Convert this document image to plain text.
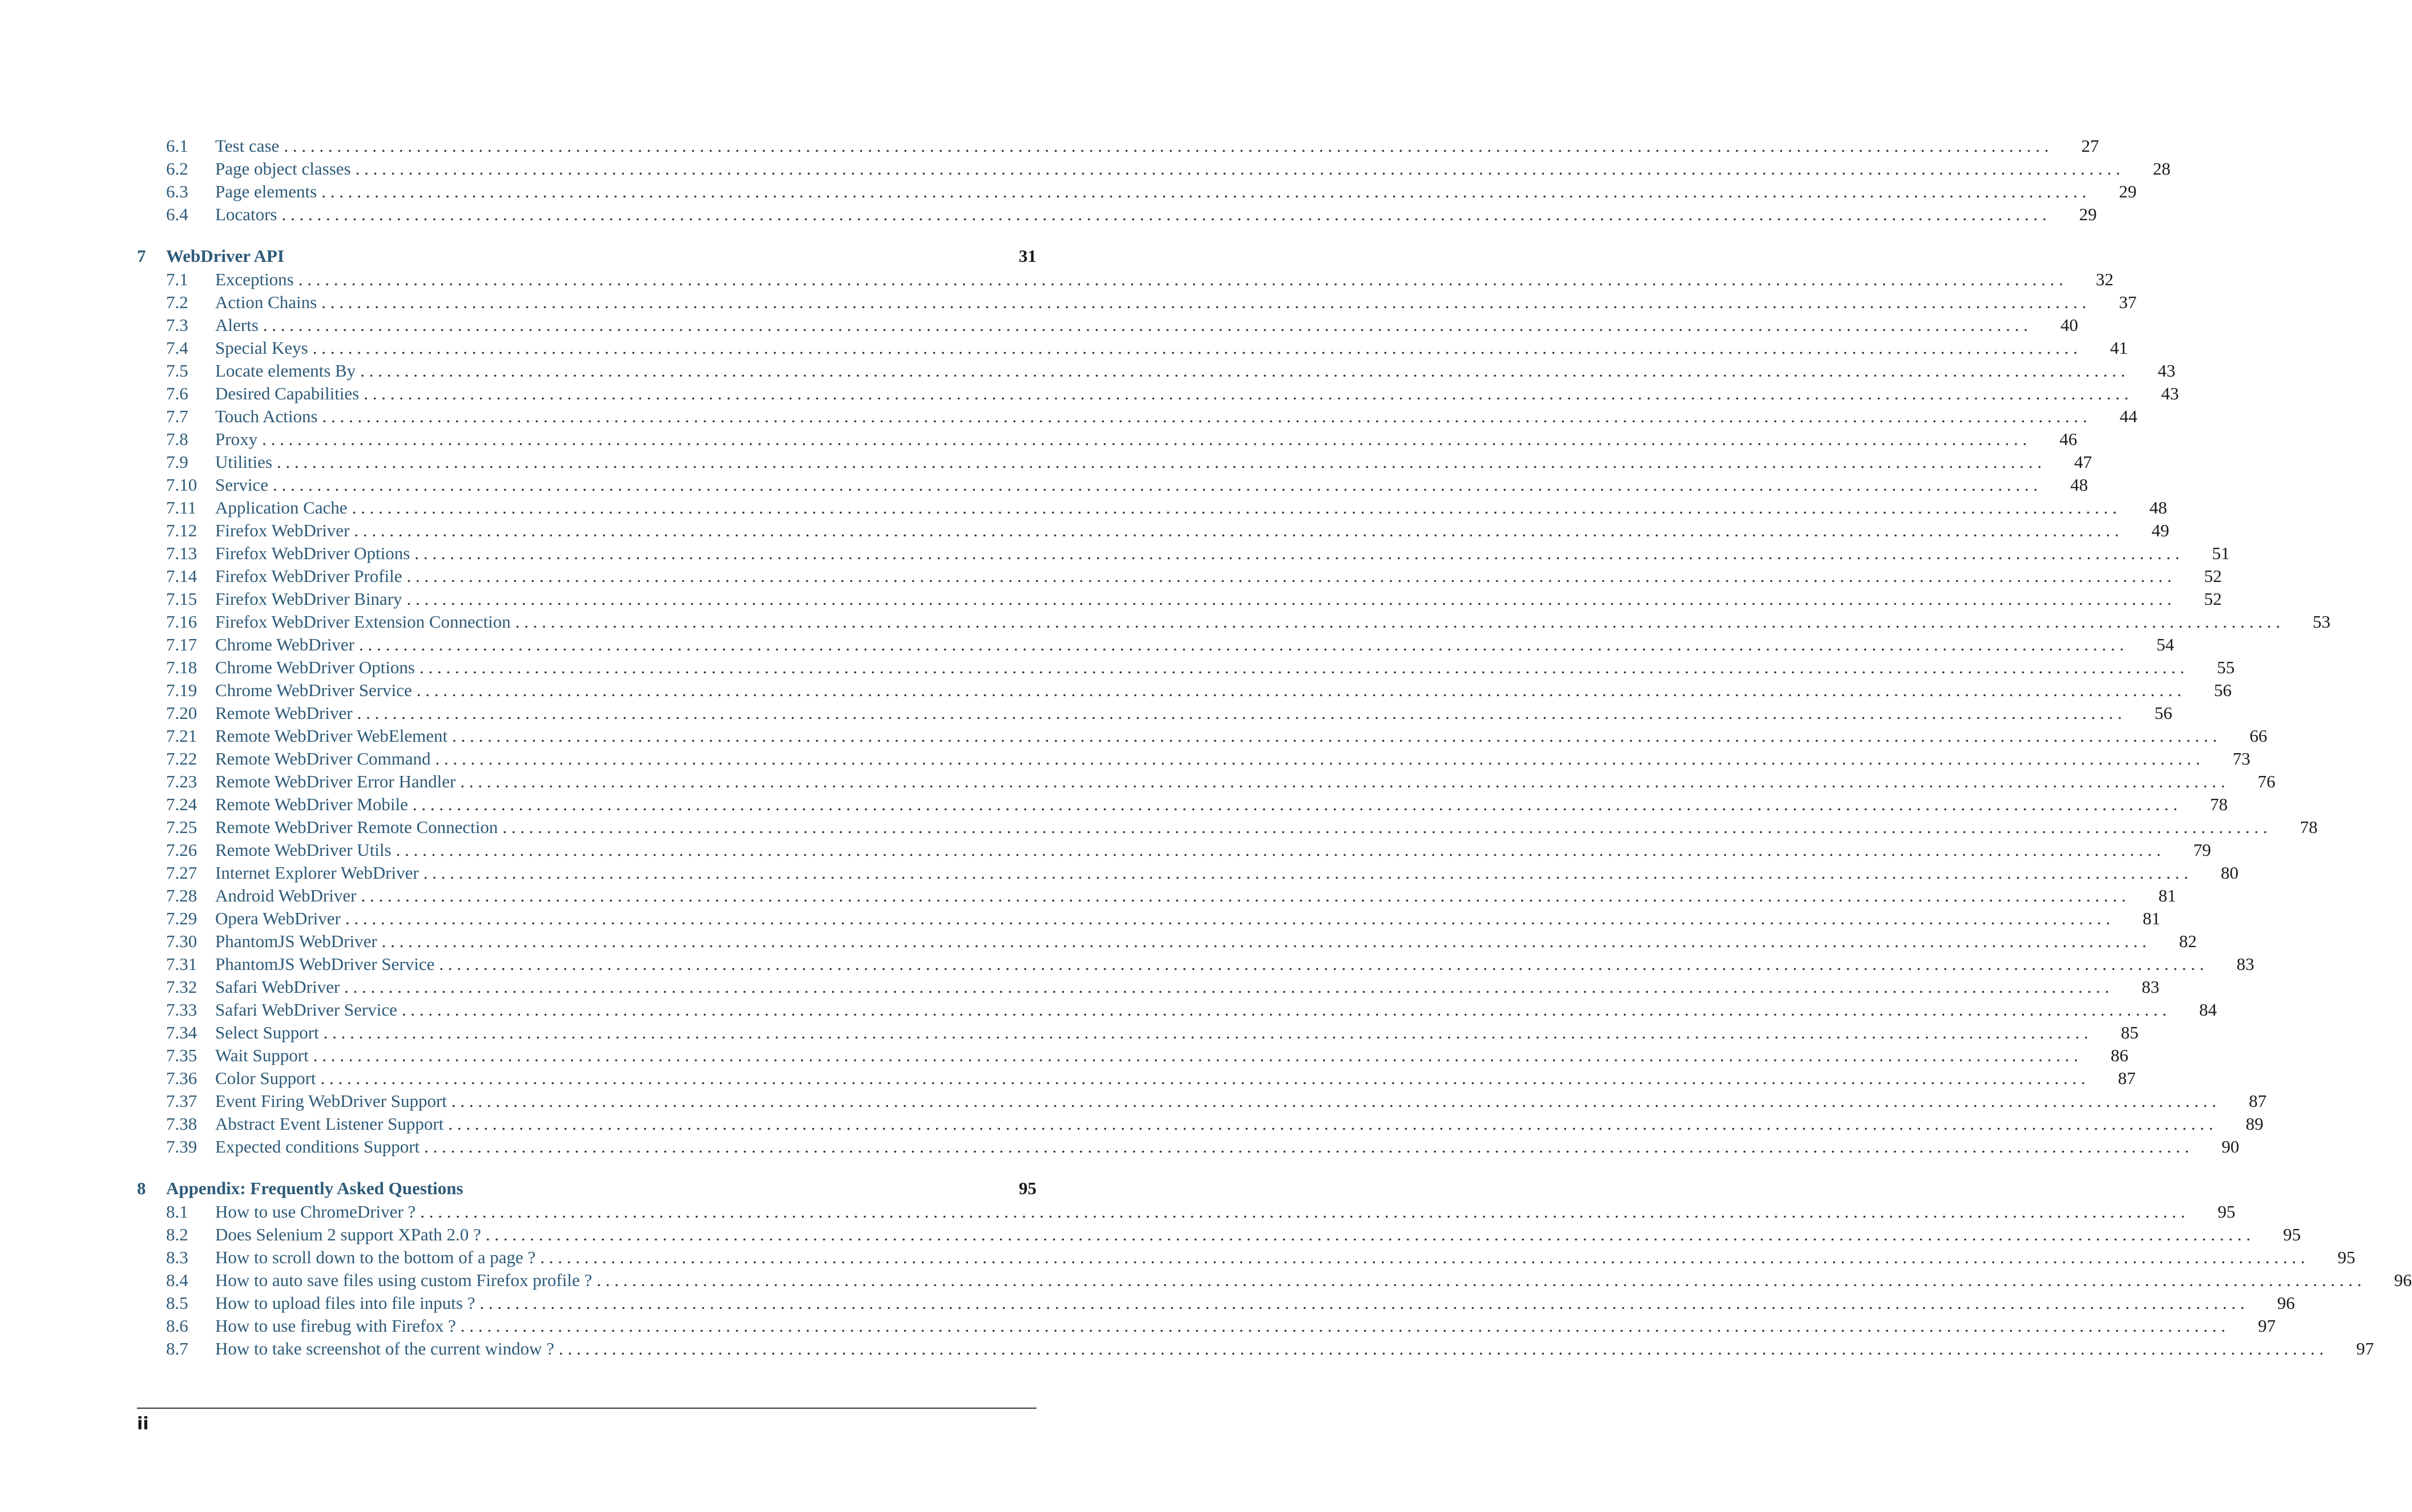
6.1	Test case . . . . . . . . . . . . . . . . . . . . . . . . . . . . . . . . . . . . . . . . . . . . . . . . . . . . . . . . . . . . . . . . . . . . . . . . . . . . . . . . . . . . . . . . . . . . . . . . . . . . . . . . . . . . . . . . . . . . . . . . . . . . . . . . . . . . . . . . . . . . . . . . . . . . . . . . . . . . . . . . . . . . . . . . . . . . . . . . . . . . . . . . . . . . . . . . . . . . . . . .	27
6.2	Page object classes . . . . . . . . . . . . . . . . . . . . . . . . . . . . . . . . . . . . . . . . . . . . . . . . . . . . . . . . . . . . . . . . . . . . . . . . . . . . . . . . . . . . . . . . . . . . . . . . . . . . . . . . . . . . . . . . . . . . . . . . . . . . . . . . . . . . . . . . . . . . . . . . . . . . . . . . . . . . . . . . . . . . . . . . . . . . . . . . . . . . . . . . . . . . . . . . . . . . . . . .	28
6.3	Page elements . . . . . . . . . . . . . . . . . . . . . . . . . . . . . . . . . . . . . . . . . . . . . . . . . . . . . . . . . . . . . . . . . . . . . . . . . . . . . . . . . . . . . . . . . . . . . . . . . . . . . . . . . . . . . . . . . . . . . . . . . . . . . . . . . . . . . . . . . . . . . . . . . . . . . . . . . . . . . . . . . . . . . . . . . . . . . . . . . . . . . . . . . . . . . . . . . . . . . . . .	29
6.4	Locators . . . . . . . . . . . . . . . . . . . . . . . . . . . . . . . . . . . . . . . . . . . . . . . . . . . . . . . . . . . . . . . . . . . . . . . . . . . . . . . . . . . . . . . . . . . . . . . . . . . . . . . . . . . . . . . . . . . . . . . . . . . . . . . . . . . . . . . . . . . . . . . . . . . . . . . . . . . . . . . . . . . . . . . . . . . . . . . . . . . . . . . . . . . . . . . . . . . . . . . .	29
7	WebDriver API	31
7.1	Exceptions . . . . . . . . . . . . . . . . . . . . . . . . . . . . . . . . . . . . . . . . . . . . . . . . . . . . . . . . . . . . . . . . . . . . . . . . . . . . . . . . . . . . . . . . . . . . . . . . . . . . . . . . . . . . . . . . . . . . . . . . . . . . . . . . . . . . . . . . . . . . . . . . . . . . . . . . . . . . . . . . . . . . . . . . . . . . . . . . . . . . . . . . . . . . . . . . . . . . . . . .	32
7.2	Action Chains . . . . . . . . . . . . . . . . . . . . . . . . . . . . . . . . . . . . . . . . . . . . . . . . . . . . . . . . . . . . . . . . . . . . . . . . . . . . . . . . . . . . . . . . . . . . . . . . . . . . . . . . . . . . . . . . . . . . . . . . . . . . . . . . . . . . . . . . . . . . . . . . . . . . . . . . . . . . . . . . . . . . . . . . . . . . . . . . . . . . . . . . . . . . . . . . . . . . . . . .	37
7.3	Alerts . . . . . . . . . . . . . . . . . . . . . . . . . . . . . . . . . . . . . . . . . . . . . . . . . . . . . . . . . . . . . . . . . . . . . . . . . . . . . . . . . . . . . . . . . . . . . . . . . . . . . . . . . . . . . . . . . . . . . . . . . . . . . . . . . . . . . . . . . . . . . . . . . . . . . . . . . . . . . . . . . . . . . . . . . . . . . . . . . . . . . . . . . . . . . . . . . . . . . . . .	40
7.4	Special Keys . . . . . . . . . . . . . . . . . . . . . . . . . . . . . . . . . . . . . . . . . . . . . . . . . . . . . . . . . . . . . . . . . . . . . . . . . . . . . . . . . . . . . . . . . . . . . . . . . . . . . . . . . . . . . . . . . . . . . . . . . . . . . . . . . . . . . . . . . . . . . . . . . . . . . . . . . . . . . . . . . . . . . . . . . . . . . . . . . . . . . . . . . . . . . . . . . . . . . . . .	41
7.5	Locate elements By . . . . . . . . . . . . . . . . . . . . . . . . . . . . . . . . . . . . . . . . . . . . . . . . . . . . . . . . . . . . . . . . . . . . . . . . . . . . . . . . . . . . . . . . . . . . . . . . . . . . . . . . . . . . . . . . . . . . . . . . . . . . . . . . . . . . . . . . . . . . . . . . . . . . . . . . . . . . . . . . . . . . . . . . . . . . . . . . . . . . . . . . . . . . . . . . . . . . . . . .	43
7.6	Desired Capabilities . . . . . . . . . . . . . . . . . . . . . . . . . . . . . . . . . . . . . . . . . . . . . . . . . . . . . . . . . . . . . . . . . . . . . . . . . . . . . . . . . . . . . . . . . . . . . . . . . . . . . . . . . . . . . . . . . . . . . . . . . . . . . . . . . . . . . . . . . . . . . . . . . . . . . . . . . . . . . . . . . . . . . . . . . . . . . . . . . . . . . . . . . . . . . . . . . . . . . . . .	43
7.7	Touch Actions . . . . . . . . . . . . . . . . . . . . . . . . . . . . . . . . . . . . . . . . . . . . . . . . . . . . . . . . . . . . . . . . . . . . . . . . . . . . . . . . . . . . . . . . . . . . . . . . . . . . . . . . . . . . . . . . . . . . . . . . . . . . . . . . . . . . . . . . . . . . . . . . . . . . . . . . . . . . . . . . . . . . . . . . . . . . . . . . . . . . . . . . . . . . . . . . . . . . . . . .	44
7.8	Proxy . . . . . . . . . . . . . . . . . . . . . . . . . . . . . . . . . . . . . . . . . . . . . . . . . . . . . . . . . . . . . . . . . . . . . . . . . . . . . . . . . . . . . . . . . . . . . . . . . . . . . . . . . . . . . . . . . . . . . . . . . . . . . . . . . . . . . . . . . . . . . . . . . . . . . . . . . . . . . . . . . . . . . . . . . . . . . . . . . . . . . . . . . . . . . . . . . . . . . . . .	46
7.9	Utilities . . . . . . . . . . . . . . . . . . . . . . . . . . . . . . . . . . . . . . . . . . . . . . . . . . . . . . . . . . . . . . . . . . . . . . . . . . . . . . . . . . . . . . . . . . . . . . . . . . . . . . . . . . . . . . . . . . . . . . . . . . . . . . . . . . . . . . . . . . . . . . . . . . . . . . . . . . . . . . . . . . . . . . . . . . . . . . . . . . . . . . . . . . . . . . . . . . . . . . . .	47
7.10	Service . . . . . . . . . . . . . . . . . . . . . . . . . . . . . . . . . . . . . . . . . . . . . . . . . . . . . . . . . . . . . . . . . . . . . . . . . . . . . . . . . . . . . . . . . . . . . . . . . . . . . . . . . . . . . . . . . . . . . . . . . . . . . . . . . . . . . . . . . . . . . . . . . . . . . . . . . . . . . . . . . . . . . . . . . . . . . . . . . . . . . . . . . . . . . . . . . . . . . . . .	48
7.11	Application Cache . . . . . . . . . . . . . . . . . . . . . . . . . . . . . . . . . . . . . . . . . . . . . . . . . . . . . . . . . . . . . . . . . . . . . . . . . . . . . . . . . . . . . . . . . . . . . . . . . . . . . . . . . . . . . . . . . . . . . . . . . . . . . . . . . . . . . . . . . . . . . . . . . . . . . . . . . . . . . . . . . . . . . . . . . . . . . . . . . . . . . . . . . . . . . . . . . . . . . . . .	48
7.12	Firefox WebDriver . . . . . . . . . . . . . . . . . . . . . . . . . . . . . . . . . . . . . . . . . . . . . . . . . . . . . . . . . . . . . . . . . . . . . . . . . . . . . . . . . . . . . . . . . . . . . . . . . . . . . . . . . . . . . . . . . . . . . . . . . . . . . . . . . . . . . . . . . . . . . . . . . . . . . . . . . . . . . . . . . . . . . . . . . . . . . . . . . . . . . . . . . . . . . . . . . . . . . . . .	49
7.13	Firefox WebDriver Options . . . . . . . . . . . . . . . . . . . . . . . . . . . . . . . . . . . . . . . . . . . . . . . . . . . . . . . . . . . . . . . . . . . . . . . . . . . . . . . . . . . . . . . . . . . . . . . . . . . . . . . . . . . . . . . . . . . . . . . . . . . . . . . . . . . . . . . . . . . . . . . . . . . . . . . . . . . . . . . . . . . . . . . . . . . . . . . . . . . . . . . . . . . . . . . . . . . . . . . .	51
7.14	Firefox WebDriver Profile . . . . . . . . . . . . . . . . . . . . . . . . . . . . . . . . . . . . . . . . . . . . . . . . . . . . . . . . . . . . . . . . . . . . . . . . . . . . . . . . . . . . . . . . . . . . . . . . . . . . . . . . . . . . . . . . . . . . . . . . . . . . . . . . . . . . . . . . . . . . . . . . . . . . . . . . . . . . . . . . . . . . . . . . . . . . . . . . . . . . . . . . . . . . . . . . . . . . . . . .	52
7.15	Firefox WebDriver Binary . . . . . . . . . . . . . . . . . . . . . . . . . . . . . . . . . . . . . . . . . . . . . . . . . . . . . . . . . . . . . . . . . . . . . . . . . . . . . . . . . . . . . . . . . . . . . . . . . . . . . . . . . . . . . . . . . . . . . . . . . . . . . . . . . . . . . . . . . . . . . . . . . . . . . . . . . . . . . . . . . . . . . . . . . . . . . . . . . . . . . . . . . . . . . . . . . . . . . . . .	52
7.16	Firefox WebDriver Extension Connection . . . . . . . . . . . . . . . . . . . . . . . . . . . . . . . . . . . . . . . . . . . . . . . . . . . . . . . . . . . . . . . . . . . . . . . . . . . . . . . . . . . . . . . . . . . . . . . . . . . . . . . . . . . . . . . . . . . . . . . . . . . . . . . . . . . . . . . . . . . . . . . . . . . . . . . . . . . . . . . . . . . . . . . . . . . . . . . . . . . . . . . . . . . . . . . . . . . . . . . .	53
7.17	Chrome WebDriver . . . . . . . . . . . . . . . . . . . . . . . . . . . . . . . . . . . . . . . . . . . . . . . . . . . . . . . . . . . . . . . . . . . . . . . . . . . . . . . . . . . . . . . . . . . . . . . . . . . . . . . . . . . . . . . . . . . . . . . . . . . . . . . . . . . . . . . . . . . . . . . . . . . . . . . . . . . . . . . . . . . . . . . . . . . . . . . . . . . . . . . . . . . . . . . . . . . . . . . .	54
7.18	Chrome WebDriver Options . . . . . . . . . . . . . . . . . . . . . . . . . . . . . . . . . . . . . . . . . . . . . . . . . . . . . . . . . . . . . . . . . . . . . . . . . . . . . . . . . . . . . . . . . . . . . . . . . . . . . . . . . . . . . . . . . . . . . . . . . . . . . . . . . . . . . . . . . . . . . . . . . . . . . . . . . . . . . . . . . . . . . . . . . . . . . . . . . . . . . . . . . . . . . . . . . . . . . . . .	55
7.19	Chrome WebDriver Service . . . . . . . . . . . . . . . . . . . . . . . . . . . . . . . . . . . . . . . . . . . . . . . . . . . . . . . . . . . . . . . . . . . . . . . . . . . . . . . . . . . . . . . . . . . . . . . . . . . . . . . . . . . . . . . . . . . . . . . . . . . . . . . . . . . . . . . . . . . . . . . . . . . . . . . . . . . . . . . . . . . . . . . . . . . . . . . . . . . . . . . . . . . . . . . . . . . . . . . .	56
7.20	Remote WebDriver . . . . . . . . . . . . . . . . . . . . . . . . . . . . . . . . . . . . . . . . . . . . . . . . . . . . . . . . . . . . . . . . . . . . . . . . . . . . . . . . . . . . . . . . . . . . . . . . . . . . . . . . . . . . . . . . . . . . . . . . . . . . . . . . . . . . . . . . . . . . . . . . . . . . . . . . . . . . . . . . . . . . . . . . . . . . . . . . . . . . . . . . . . . . . . . . . . . . . . . .	56
7.21	Remote WebDriver WebElement . . . . . . . . . . . . . . . . . . . . . . . . . . . . . . . . . . . . . . . . . . . . . . . . . . . . . . . . . . . . . . . . . . . . . . . . . . . . . . . . . . . . . . . . . . . . . . . . . . . . . . . . . . . . . . . . . . . . . . . . . . . . . . . . . . . . . . . . . . . . . . . . . . . . . . . . . . . . . . . . . . . . . . . . . . . . . . . . . . . . . . . . . . . . . . . . . . . . . . . .	66
7.22	Remote WebDriver Command . . . . . . . . . . . . . . . . . . . . . . . . . . . . . . . . . . . . . . . . . . . . . . . . . . . . . . . . . . . . . . . . . . . . . . . . . . . . . . . . . . . . . . . . . . . . . . . . . . . . . . . . . . . . . . . . . . . . . . . . . . . . . . . . . . . . . . . . . . . . . . . . . . . . . . . . . . . . . . . . . . . . . . . . . . . . . . . . . . . . . . . . . . . . . . . . . . . . . . . .	73
7.23	Remote WebDriver Error Handler . . . . . . . . . . . . . . . . . . . . . . . . . . . . . . . . . . . . . . . . . . . . . . . . . . . . . . . . . . . . . . . . . . . . . . . . . . . . . . . . . . . . . . . . . . . . . . . . . . . . . . . . . . . . . . . . . . . . . . . . . . . . . . . . . . . . . . . . . . . . . . . . . . . . . . . . . . . . . . . . . . . . . . . . . . . . . . . . . . . . . . . . . . . . . . . . . . . . . . . .	76
7.24	Remote WebDriver Mobile . . . . . . . . . . . . . . . . . . . . . . . . . . . . . . . . . . . . . . . . . . . . . . . . . . . . . . . . . . . . . . . . . . . . . . . . . . . . . . . . . . . . . . . . . . . . . . . . . . . . . . . . . . . . . . . . . . . . . . . . . . . . . . . . . . . . . . . . . . . . . . . . . . . . . . . . . . . . . . . . . . . . . . . . . . . . . . . . . . . . . . . . . . . . . . . . . . . . . . . .	78
7.25	Remote WebDriver Remote Connection . . . . . . . . . . . . . . . . . . . . . . . . . . . . . . . . . . . . . . . . . . . . . . . . . . . . . . . . . . . . . . . . . . . . . . . . . . . . . . . . . . . . . . . . . . . . . . . . . . . . . . . . . . . . . . . . . . . . . . . . . . . . . . . . . . . . . . . . . . . . . . . . . . . . . . . . . . . . . . . . . . . . . . . . . . . . . . . . . . . . . . . . . . . . . . . . . . . . . . . .	78
7.26	Remote WebDriver Utils . . . . . . . . . . . . . . . . . . . . . . . . . . . . . . . . . . . . . . . . . . . . . . . . . . . . . . . . . . . . . . . . . . . . . . . . . . . . . . . . . . . . . . . . . . . . . . . . . . . . . . . . . . . . . . . . . . . . . . . . . . . . . . . . . . . . . . . . . . . . . . . . . . . . . . . . . . . . . . . . . . . . . . . . . . . . . . . . . . . . . . . . . . . . . . . . . . . . . . . .	79
7.27	Internet Explorer WebDriver . . . . . . . . . . . . . . . . . . . . . . . . . . . . . . . . . . . . . . . . . . . . . . . . . . . . . . . . . . . . . . . . . . . . . . . . . . . . . . . . . . . . . . . . . . . . . . . . . . . . . . . . . . . . . . . . . . . . . . . . . . . . . . . . . . . . . . . . . . . . . . . . . . . . . . . . . . . . . . . . . . . . . . . . . . . . . . . . . . . . . . . . . . . . . . . . . . . . . . . .	80
7.28	Android WebDriver . . . . . . . . . . . . . . . . . . . . . . . . . . . . . . . . . . . . . . . . . . . . . . . . . . . . . . . . . . . . . . . . . . . . . . . . . . . . . . . . . . . . . . . . . . . . . . . . . . . . . . . . . . . . . . . . . . . . . . . . . . . . . . . . . . . . . . . . . . . . . . . . . . . . . . . . . . . . . . . . . . . . . . . . . . . . . . . . . . . . . . . . . . . . . . . . . . . . . . . .	81
7.29	Opera WebDriver . . . . . . . . . . . . . . . . . . . . . . . . . . . . . . . . . . . . . . . . . . . . . . . . . . . . . . . . . . . . . . . . . . . . . . . . . . . . . . . . . . . . . . . . . . . . . . . . . . . . . . . . . . . . . . . . . . . . . . . . . . . . . . . . . . . . . . . . . . . . . . . . . . . . . . . . . . . . . . . . . . . . . . . . . . . . . . . . . . . . . . . . . . . . . . . . . . . . . . . .	81
7.30	PhantomJS WebDriver . . . . . . . . . . . . . . . . . . . . . . . . . . . . . . . . . . . . . . . . . . . . . . . . . . . . . . . . . . . . . . . . . . . . . . . . . . . . . . . . . . . . . . . . . . . . . . . . . . . . . . . . . . . . . . . . . . . . . . . . . . . . . . . . . . . . . . . . . . . . . . . . . . . . . . . . . . . . . . . . . . . . . . . . . . . . . . . . . . . . . . . . . . . . . . . . . . . . . . . .	82
7.31	PhantomJS WebDriver Service . . . . . . . . . . . . . . . . . . . . . . . . . . . . . . . . . . . . . . . . . . . . . . . . . . . . . . . . . . . . . . . . . . . . . . . . . . . . . . . . . . . . . . . . . . . . . . . . . . . . . . . . . . . . . . . . . . . . . . . . . . . . . . . . . . . . . . . . . . . . . . . . . . . . . . . . . . . . . . . . . . . . . . . . . . . . . . . . . . . . . . . . . . . . . . . . . . . . . . . .	83
7.32	Safari WebDriver . . . . . . . . . . . . . . . . . . . . . . . . . . . . . . . . . . . . . . . . . . . . . . . . . . . . . . . . . . . . . . . . . . . . . . . . . . . . . . . . . . . . . . . . . . . . . . . . . . . . . . . . . . . . . . . . . . . . . . . . . . . . . . . . . . . . . . . . . . . . . . . . . . . . . . . . . . . . . . . . . . . . . . . . . . . . . . . . . . . . . . . . . . . . . . . . . . . . . . . .	83
7.33	Safari WebDriver Service . . . . . . . . . . . . . . . . . . . . . . . . . . . . . . . . . . . . . . . . . . . . . . . . . . . . . . . . . . . . . . . . . . . . . . . . . . . . . . . . . . . . . . . . . . . . . . . . . . . . . . . . . . . . . . . . . . . . . . . . . . . . . . . . . . . . . . . . . . . . . . . . . . . . . . . . . . . . . . . . . . . . . . . . . . . . . . . . . . . . . . . . . . . . . . . . . . . . . . . .	84
7.34	Select Support . . . . . . . . . . . . . . . . . . . . . . . . . . . . . . . . . . . . . . . . . . . . . . . . . . . . . . . . . . . . . . . . . . . . . . . . . . . . . . . . . . . . . . . . . . . . . . . . . . . . . . . . . . . . . . . . . . . . . . . . . . . . . . . . . . . . . . . . . . . . . . . . . . . . . . . . . . . . . . . . . . . . . . . . . . . . . . . . . . . . . . . . . . . . . . . . . . . . . . . .	85
7.35	Wait Support . . . . . . . . . . . . . . . . . . . . . . . . . . . . . . . . . . . . . . . . . . . . . . . . . . . . . . . . . . . . . . . . . . . . . . . . . . . . . . . . . . . . . . . . . . . . . . . . . . . . . . . . . . . . . . . . . . . . . . . . . . . . . . . . . . . . . . . . . . . . . . . . . . . . . . . . . . . . . . . . . . . . . . . . . . . . . . . . . . . . . . . . . . . . . . . . . . . . . . . .	86
7.36	Color Support . . . . . . . . . . . . . . . . . . . . . . . . . . . . . . . . . . . . . . . . . . . . . . . . . . . . . . . . . . . . . . . . . . . . . . . . . . . . . . . . . . . . . . . . . . . . . . . . . . . . . . . . . . . . . . . . . . . . . . . . . . . . . . . . . . . . . . . . . . . . . . . . . . . . . . . . . . . . . . . . . . . . . . . . . . . . . . . . . . . . . . . . . . . . . . . . . . . . . . . .	87
7.37	Event Firing WebDriver Support . . . . . . . . . . . . . . . . . . . . . . . . . . . . . . . . . . . . . . . . . . . . . . . . . . . . . . . . . . . . . . . . . . . . . . . . . . . . . . . . . . . . . . . . . . . . . . . . . . . . . . . . . . . . . . . . . . . . . . . . . . . . . . . . . . . . . . . . . . . . . . . . . . . . . . . . . . . . . . . . . . . . . . . . . . . . . . . . . . . . . . . . . . . . . . . . . . . . . . . .	87
7.38	Abstract Event Listener Support . . . . . . . . . . . . . . . . . . . . . . . . . . . . . . . . . . . . . . . . . . . . . . . . . . . . . . . . . . . . . . . . . . . . . . . . . . . . . . . . . . . . . . . . . . . . . . . . . . . . . . . . . . . . . . . . . . . . . . . . . . . . . . . . . . . . . . . . . . . . . . . . . . . . . . . . . . . . . . . . . . . . . . . . . . . . . . . . . . . . . . . . . . . . . . . . . . . . . . . .	89
7.39	Expected conditions Support . . . . . . . . . . . . . . . . . . . . . . . . . . . . . . . . . . . . . . . . . . . . . . . . . . . . . . . . . . . . . . . . . . . . . . . . . . . . . . . . . . . . . . . . . . . . . . . . . . . . . . . . . . . . . . . . . . . . . . . . . . . . . . . . . . . . . . . . . . . . . . . . . . . . . . . . . . . . . . . . . . . . . . . . . . . . . . . . . . . . . . . . . . . . . . . . . . . . . . . .	90
8	Appendix: Frequently Asked Questions	95
8.1	How to use ChromeDriver ? . . . . . . . . . . . . . . . . . . . . . . . . . . . . . . . . . . . . . . . . . . . . . . . . . . . . . . . . . . . . . . . . . . . . . . . . . . . . . . . . . . . . . . . . . . . . . . . . . . . . . . . . . . . . . . . . . . . . . . . . . . . . . . . . . . . . . . . . . . . . . . . . . . . . . . . . . . . . . . . . . . . . . . . . . . . . . . . . . . . . . . . . . . . . . . . . . . . . . . . .	95
8.2	Does Selenium 2 support XPath 2.0 ? . . . . . . . . . . . . . . . . . . . . . . . . . . . . . . . . . . . . . . . . . . . . . . . . . . . . . . . . . . . . . . . . . . . . . . . . . . . . . . . . . . . . . . . . . . . . . . . . . . . . . . . . . . . . . . . . . . . . . . . . . . . . . . . . . . . . . . . . . . . . . . . . . . . . . . . . . . . . . . . . . . . . . . . . . . . . . . . . . . . . . . . . . . . . . . . . . . . . . . . .	95
8.3	How to scroll down to the bottom of a page ? . . . . . . . . . . . . . . . . . . . . . . . . . . . . . . . . . . . . . . . . . . . . . . . . . . . . . . . . . . . . . . . . . . . . . . . . . . . . . . . . . . . . . . . . . . . . . . . . . . . . . . . . . . . . . . . . . . . . . . . . . . . . . . . . . . . . . . . . . . . . . . . . . . . . . . . . . . . . . . . . . . . . . . . . . . . . . . . . . . . . . . . . . . . . . . . . . . . . . . . .	95
8.4	How to auto save files using custom Firefox profile ? . . . . . . . . . . . . . . . . . . . . . . . . . . . . . . . . . . . . . . . . . . . . . . . . . . . . . . . . . . . . . . . . . . . . . . . . . . . . . . . . . . . . . . . . . . . . . . . . . . . . . . . . . . . . . . . . . . . . . . . . . . . . . . . . . . . . . . . . . . . . . . . . . . . . . . . . . . . . . . . . . . . . . . . . . . . . . . . . . . . . . . . . . . . . . . . . . . . . . . . .	96
8.5	How to upload files into file inputs ? . . . . . . . . . . . . . . . . . . . . . . . . . . . . . . . . . . . . . . . . . . . . . . . . . . . . . . . . . . . . . . . . . . . . . . . . . . . . . . . . . . . . . . . . . . . . . . . . . . . . . . . . . . . . . . . . . . . . . . . . . . . . . . . . . . . . . . . . . . . . . . . . . . . . . . . . . . . . . . . . . . . . . . . . . . . . . . . . . . . . . . . . . . . . . . . . . . . . . . . .	96
8.6	How to use firebug with Firefox ? . . . . . . . . . . . . . . . . . . . . . . . . . . . . . . . . . . . . . . . . . . . . . . . . . . . . . . . . . . . . . . . . . . . . . . . . . . . . . . . . . . . . . . . . . . . . . . . . . . . . . . . . . . . . . . . . . . . . . . . . . . . . . . . . . . . . . . . . . . . . . . . . . . . . . . . . . . . . . . . . . . . . . . . . . . . . . . . . . . . . . . . . . . . . . . . . . . . . . . . .	97
8.7	How to take screenshot of the current window ? . . . . . . . . . . . . . . . . . . . . . . . . . . . . . . . . . . . . . . . . . . . . . . . . . . . . . . . . . . . . . . . . . . . . . . . . . . . . . . . . . . . . . . . . . . . . . . . . . . . . . . . . . . . . . . . . . . . . . . . . . . . . . . . . . . . . . . . . . . . . . . . . . . . . . . . . . . . . . . . . . . . . . . . . . . . . . . . . . . . . . . . . . . . . . . . . . . . . . . . .	97
ii
